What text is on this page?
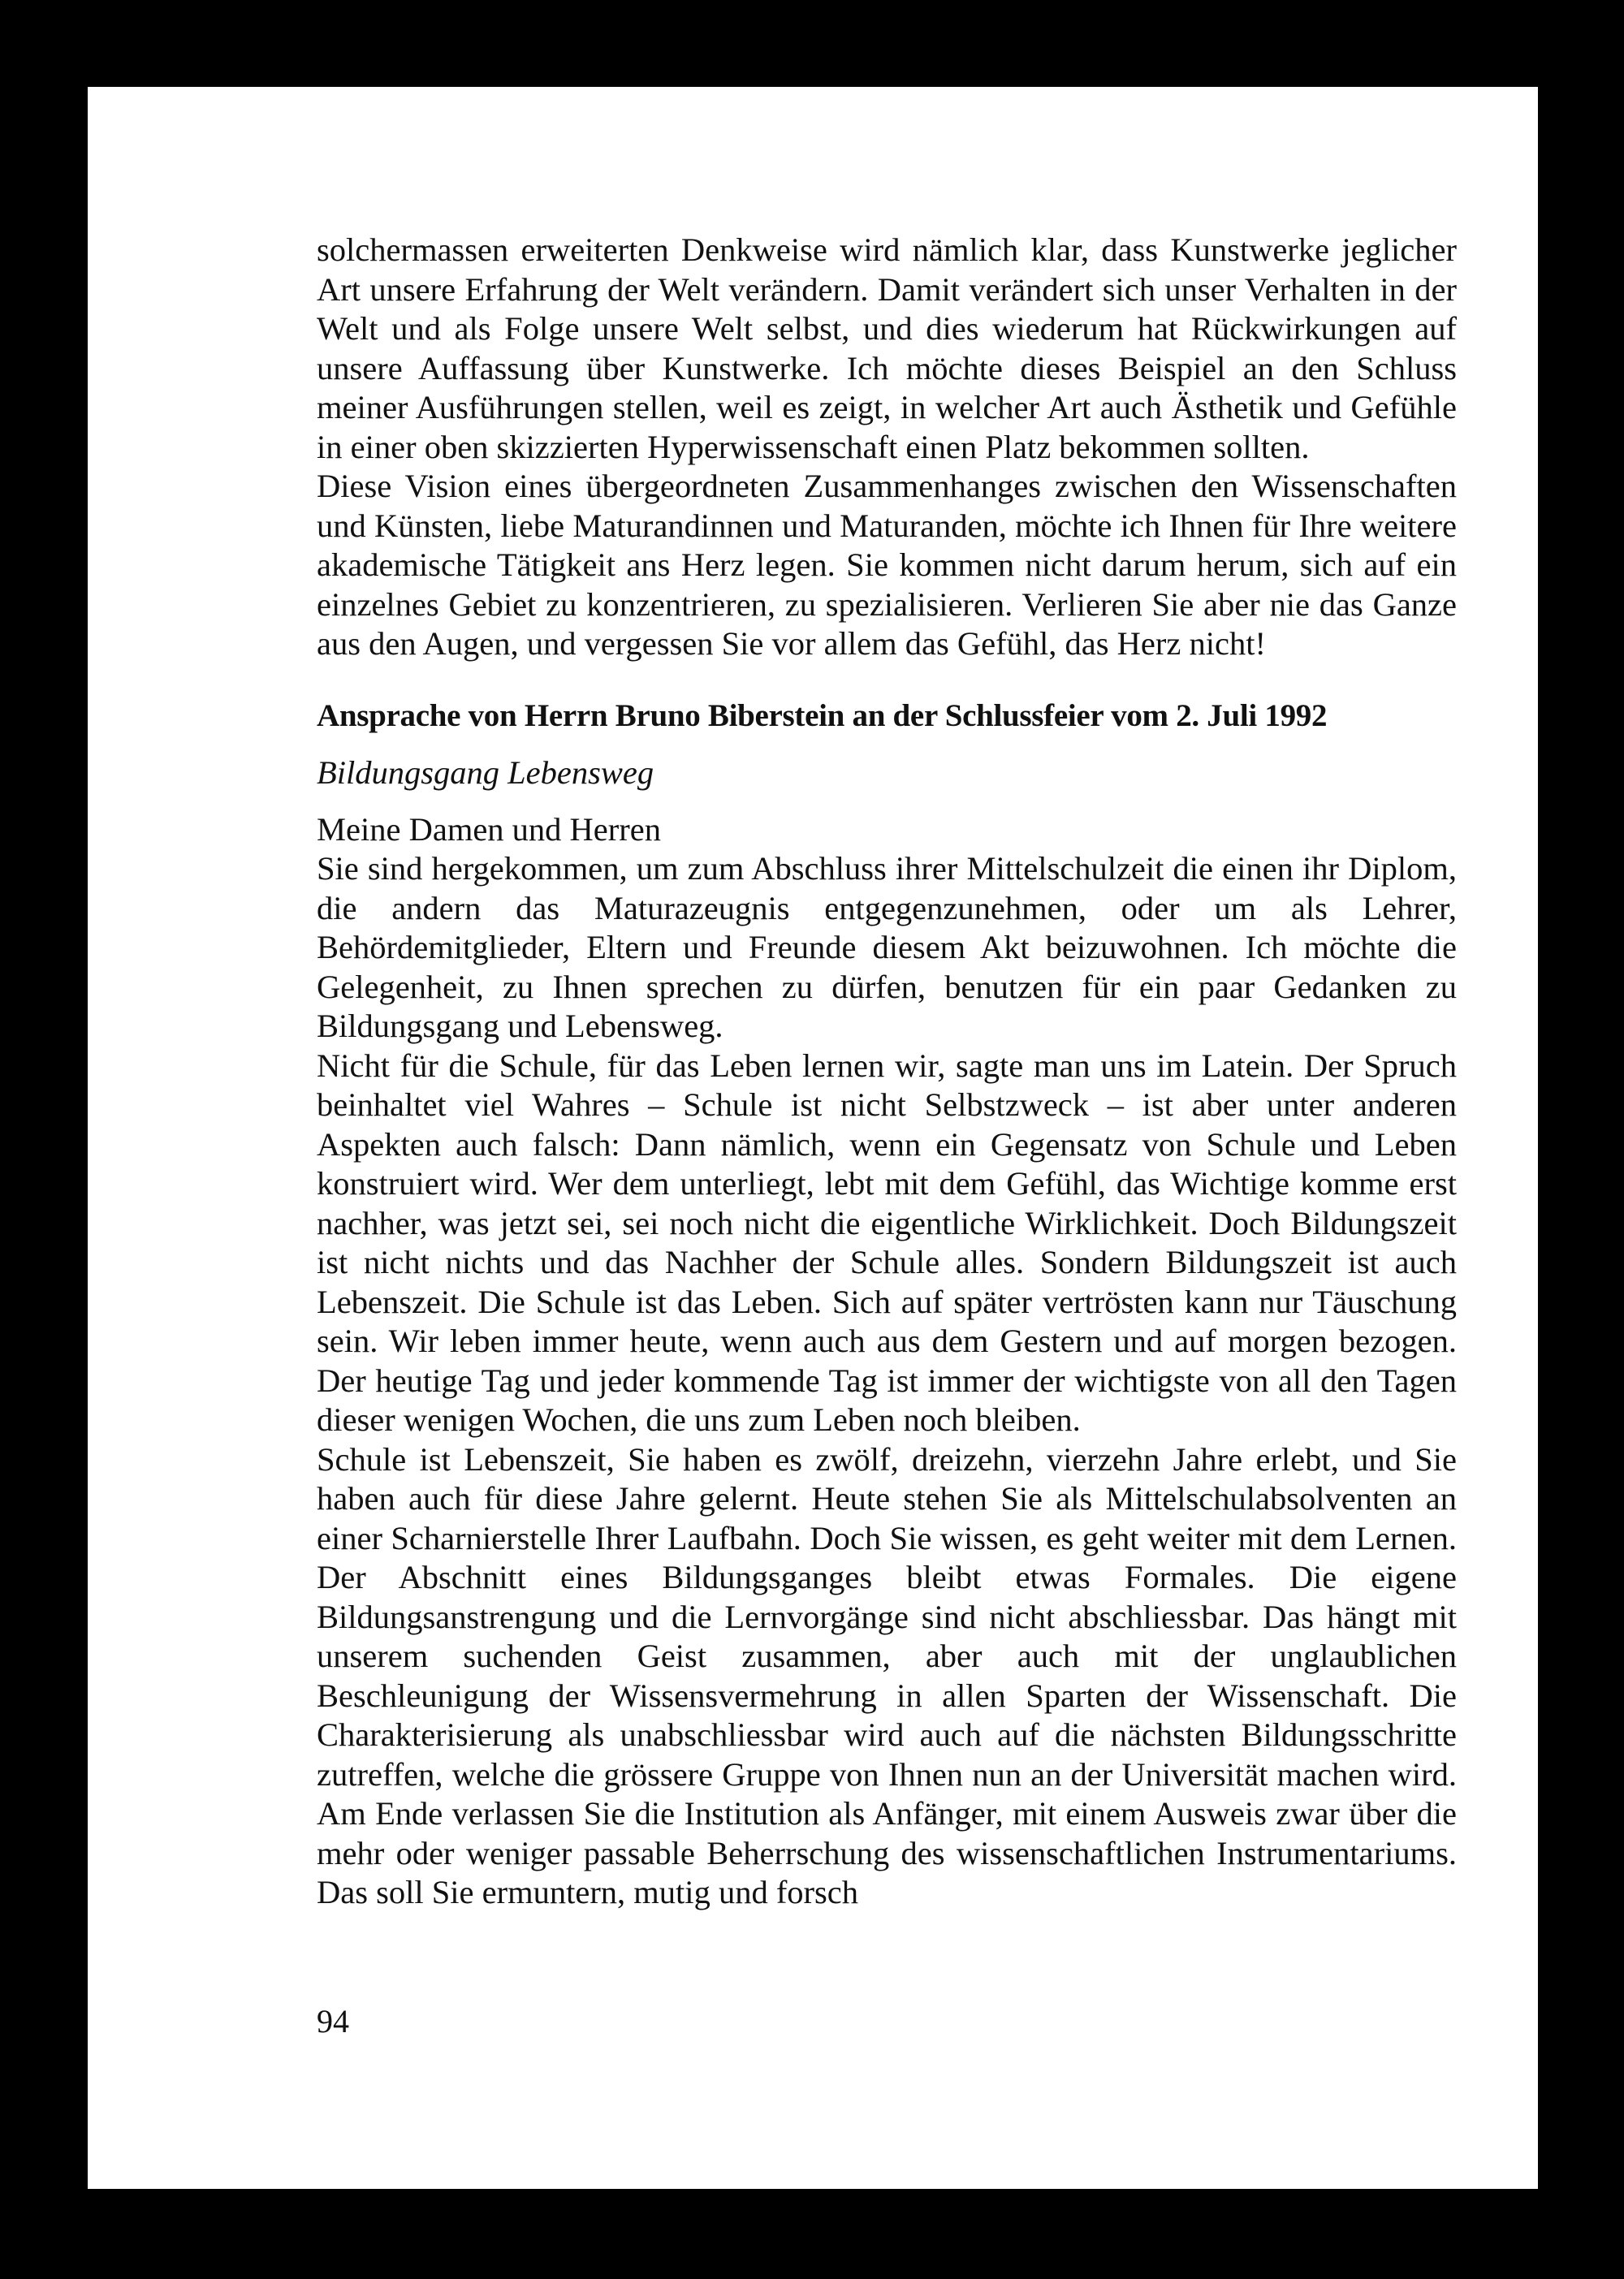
solchermassen erweiterten Denkweise wird nämlich klar, dass Kunstwerke jeglicher Art unsere Erfahrung der Welt verändern. Damit verändert sich unser Verhalten in der Welt und als Folge unsere Welt selbst, und dies wiederum hat Rückwirkungen auf unsere Auffassung über Kunstwerke. Ich möchte dieses Beispiel an den Schluss meiner Ausführungen stellen, weil es zeigt, in welcher Art auch Ästhetik und Gefühle in einer oben skizzierten Hyperwissenschaft einen Platz bekommen sollten.

Diese Vision eines übergeordneten Zusammenhanges zwischen den Wissenschaften und Künsten, liebe Maturandinnen und Maturanden, möchte ich Ihnen für Ihre weitere akademische Tätigkeit ans Herz legen. Sie kommen nicht darum herum, sich auf ein einzelnes Gebiet zu konzentrieren, zu spezialisieren. Verlieren Sie aber nie das Ganze aus den Augen, und vergessen Sie vor allem das Gefühl, das Herz nicht!

Ansprache von Herrn Bruno Biberstein an der Schlussfeier vom 2. Juli 1992

Bildungsgang Lebensweg

Meine Damen und Herren

Sie sind hergekommen, um zum Abschluss ihrer Mittelschulzeit die einen ihr Diplom, die andern das Maturazeugnis entgegenzunehmen, oder um als Lehrer, Behördemitglieder, Eltern und Freunde diesem Akt beizuwohnen. Ich möchte die Gelegenheit, zu Ihnen sprechen zu dürfen, benutzen für ein paar Gedanken zu Bildungsgang und Lebensweg.

Nicht für die Schule, für das Leben lernen wir, sagte man uns im Latein. Der Spruch beinhaltet viel Wahres – Schule ist nicht Selbstzweck – ist aber unter anderen Aspekten auch falsch: Dann nämlich, wenn ein Gegensatz von Schule und Leben konstruiert wird. Wer dem unterliegt, lebt mit dem Gefühl, das Wichtige komme erst nachher, was jetzt sei, sei noch nicht die eigentliche Wirklichkeit. Doch Bildungszeit ist nicht nichts und das Nachher der Schule alles. Sondern Bildungszeit ist auch Lebenszeit. Die Schule ist das Leben. Sich auf später vertrösten kann nur Täuschung sein. Wir leben immer heute, wenn auch aus dem Gestern und auf morgen bezogen. Der heutige Tag und jeder kommende Tag ist immer der wichtigste von all den Tagen dieser wenigen Wochen, die uns zum Leben noch bleiben.

Schule ist Lebenszeit, Sie haben es zwölf, dreizehn, vierzehn Jahre erlebt, und Sie haben auch für diese Jahre gelernt. Heute stehen Sie als Mittelschulabsolventen an einer Scharnierstelle Ihrer Laufbahn. Doch Sie wissen, es geht weiter mit dem Lernen. Der Abschnitt eines Bildungsganges bleibt etwas Formales. Die eigene Bildungsanstrengung und die Lernvorgänge sind nicht abschliessbar. Das hängt mit unserem suchenden Geist zusammen, aber auch mit der unglaublichen Beschleunigung der Wissensvermehrung in allen Sparten der Wissenschaft. Die Charakterisierung als unabschliessbar wird auch auf die nächsten Bildungsschritte zutreffen, welche die grössere Gruppe von Ihnen nun an der Universität machen wird. Am Ende verlassen Sie die Institution als Anfänger, mit einem Ausweis zwar über die mehr oder weniger passable Beherrschung des wissenschaftlichen Instrumentariums. Das soll Sie ermuntern, mutig und forsch

94
